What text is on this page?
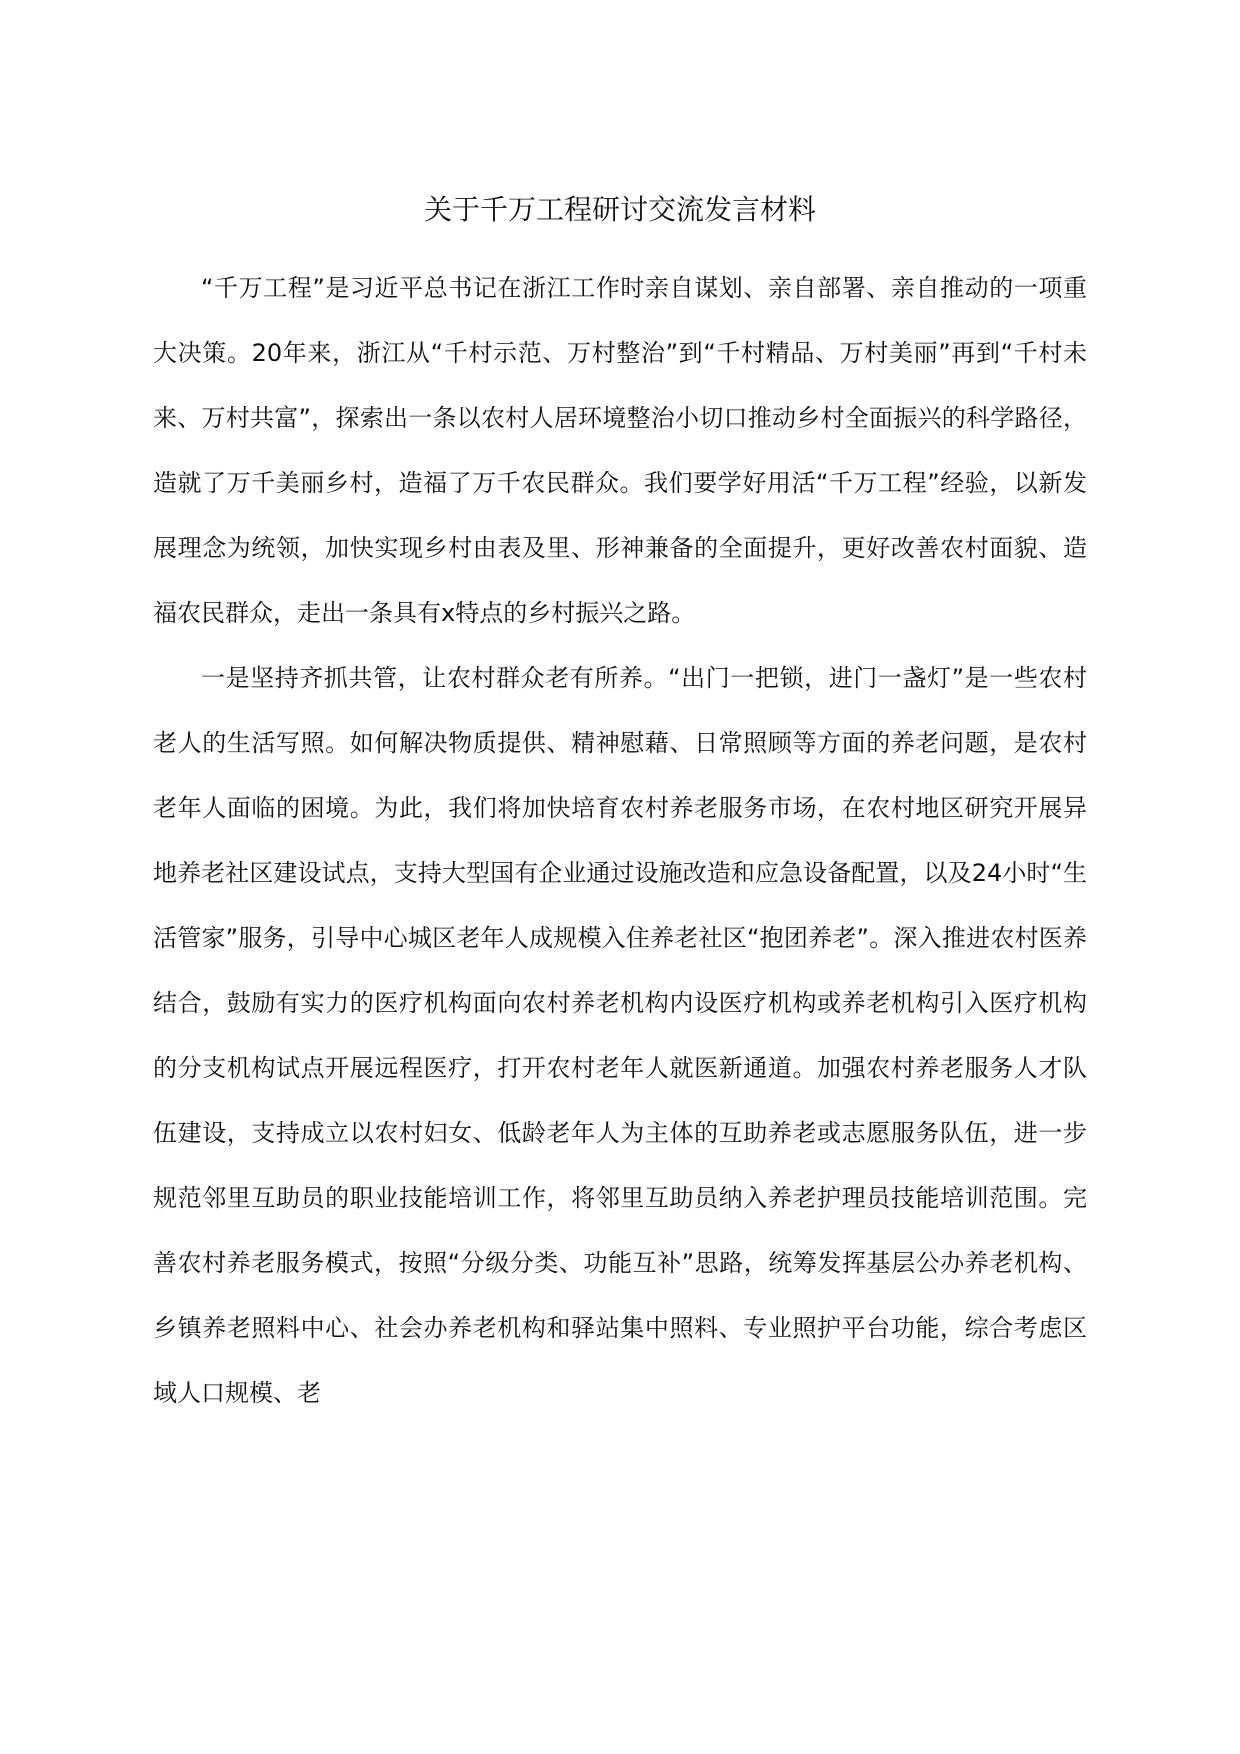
关于千万工程研讨交流发言材料

“千万工程”是习近平总书记在浙江工作时亲自谋划、亲自部署、亲自推动的一项重大决策。20年来，浙江从“千村示范、万村整治”到“千村精品、万村美丽”再到“千村未来、万村共富”，探索出一条以农村人居环境整治小切口推动乡村全面振兴的科学路径，造就了万千美丽乡村，造福了万千农民群众。我们要学好用活“千万工程”经验，以新发展理念为统领，加快实现乡村由表及里、形神兼备的全面提升，更好改善农村面貌、造福农民群众，走出一条具有x特点的乡村振兴之路。

一是坚持齐抓共管，让农村群众老有所养。“出门一把锁，进门一盏灯”是一些农村老人的生活写照。如何解决物质提供、精神慰藉、日常照顾等方面的养老问题，是农村老年人面临的困境。为此，我们将加快培育农村养老服务市场，在农村地区研究开展异地养老社区建设试点，支持大型国有企业通过设施改造和应急设备配置，以及24小时“生活管家”服务，引导中心城区老年人成规模入住养老社区“抱团养老”。深入推进农村医养结合，鼓励有实力的医疗机构面向农村养老机构内设医疗机构或养老机构引入医疗机构的分支机构试点开展远程医疗，打开农村老年人就医新通道。加强农村养老服务人才队伍建设，支持成立以农村妇女、低龄老年人为主体的互助养老或志愿服务队伍，进一步规范邻里互助员的职业技能培训工作，将邻里互助员纳入养老护理员技能培训范围。完善农村养老服务模式，按照“分级分类、功能互补”思路，统筹发挥基层公办养老机构、乡镇养老照料中心、社会办养老机构和驿站集中照料、专业照护平台功能，综合考虑区域人口规模、老
